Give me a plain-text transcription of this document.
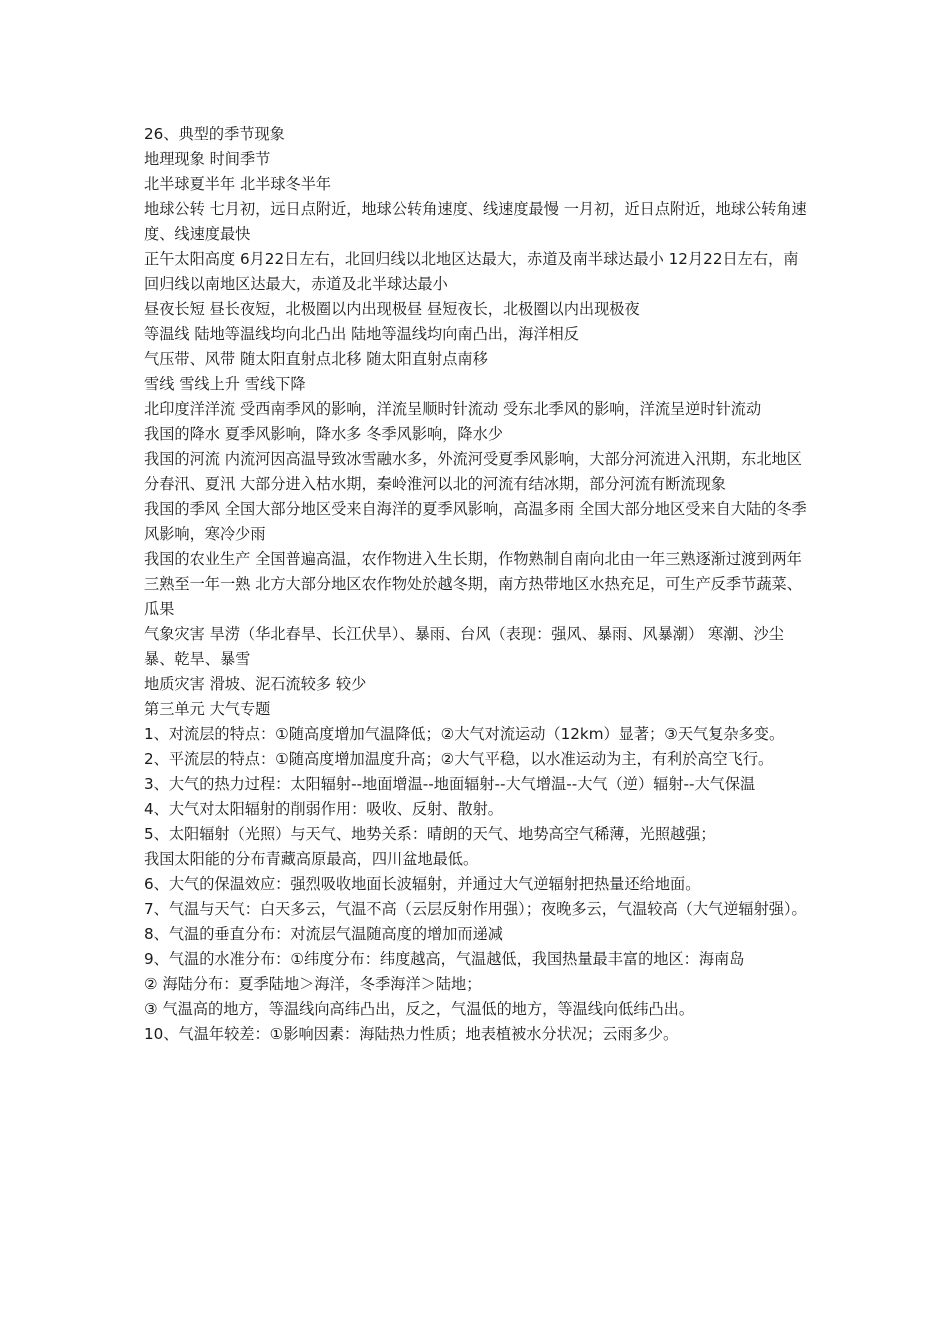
26、典型的季节现象
地理现象 时间季节
北半球夏半年 北半球冬半年
地球公转 七月初，远日点附近，地球公转角速度、线速度最慢 一月初，近日点附近，地球公转角速度、线速度最快
正午太阳高度 6月22日左右，北回归线以北地区达最大，赤道及南半球达最小 12月22日左右，南回归线以南地区达最大，赤道及北半球达最小
昼夜长短 昼长夜短，北极圈以内出现极昼 昼短夜长，北极圈以内出现极夜
等温线 陆地等温线均向北凸出 陆地等温线均向南凸出，海洋相反
气压带、风带 随太阳直射点北移 随太阳直射点南移
雪线 雪线上升 雪线下降
北印度洋洋流 受西南季风的影响，洋流呈顺时针流动 受东北季风的影响，洋流呈逆时针流动
我国的降水 夏季风影响，降水多 冬季风影响，降水少
我国的河流 内流河因高温导致冰雪融水多，外流河受夏季风影响，大部分河流进入汛期，东北地区分春汛、夏汛 大部分进入枯水期，秦岭淮河以北的河流有结冰期，部分河流有断流现象
我国的季风 全国大部分地区受来自海洋的夏季风影响，高温多雨 全国大部分地区受来自大陆的冬季风影响，寒冷少雨
我国的农业生产 全国普遍高温，农作物进入生长期，作物熟制自南向北由一年三熟逐渐过渡到两年三熟至一年一熟 北方大部分地区农作物处於越冬期，南方热带地区水热充足，可生产反季节蔬菜、瓜果
气象灾害 旱涝（华北春旱、长江伏旱）、暴雨、台风（表现：强风、暴雨、风暴潮） 寒潮、沙尘暴、乾旱、暴雪
地质灾害 滑坡、泥石流较多 较少
第三单元 大气专题
1、对流层的特点：①随高度增加气温降低；②大气对流运动（12km）显著；③天气复杂多变。
2、平流层的特点：①随高度增加温度升高；②大气平稳，以水准运动为主，有利於高空飞行。
3、大气的热力过程：太阳辐射--地面增温--地面辐射--大气增温--大气（逆）辐射--大气保温
4、大气对太阳辐射的削弱作用：吸收、反射、散射。
5、太阳辐射（光照）与天气、地势关系：晴朗的天气、地势高空气稀薄，光照越强；
我国太阳能的分布青藏高原最高，四川盆地最低。
6、大气的保温效应：强烈吸收地面长波辐射，并通过大气逆辐射把热量还给地面。
7、气温与天气：白天多云，气温不高（云层反射作用强）；夜晚多云，气温较高（大气逆辐射强）。
8、气温的垂直分布：对流层气温随高度的增加而递减
9、气温的水准分布：①纬度分布：纬度越高，气温越低，我国热量最丰富的地区：海南岛
② 海陆分布：夏季陆地＞海洋，冬季海洋＞陆地；
③ 气温高的地方，等温线向高纬凸出，反之，气温低的地方，等温线向低纬凸出。
10、气温年较差：①影响因素：海陆热力性质；地表植被水分状况；云雨多少。
